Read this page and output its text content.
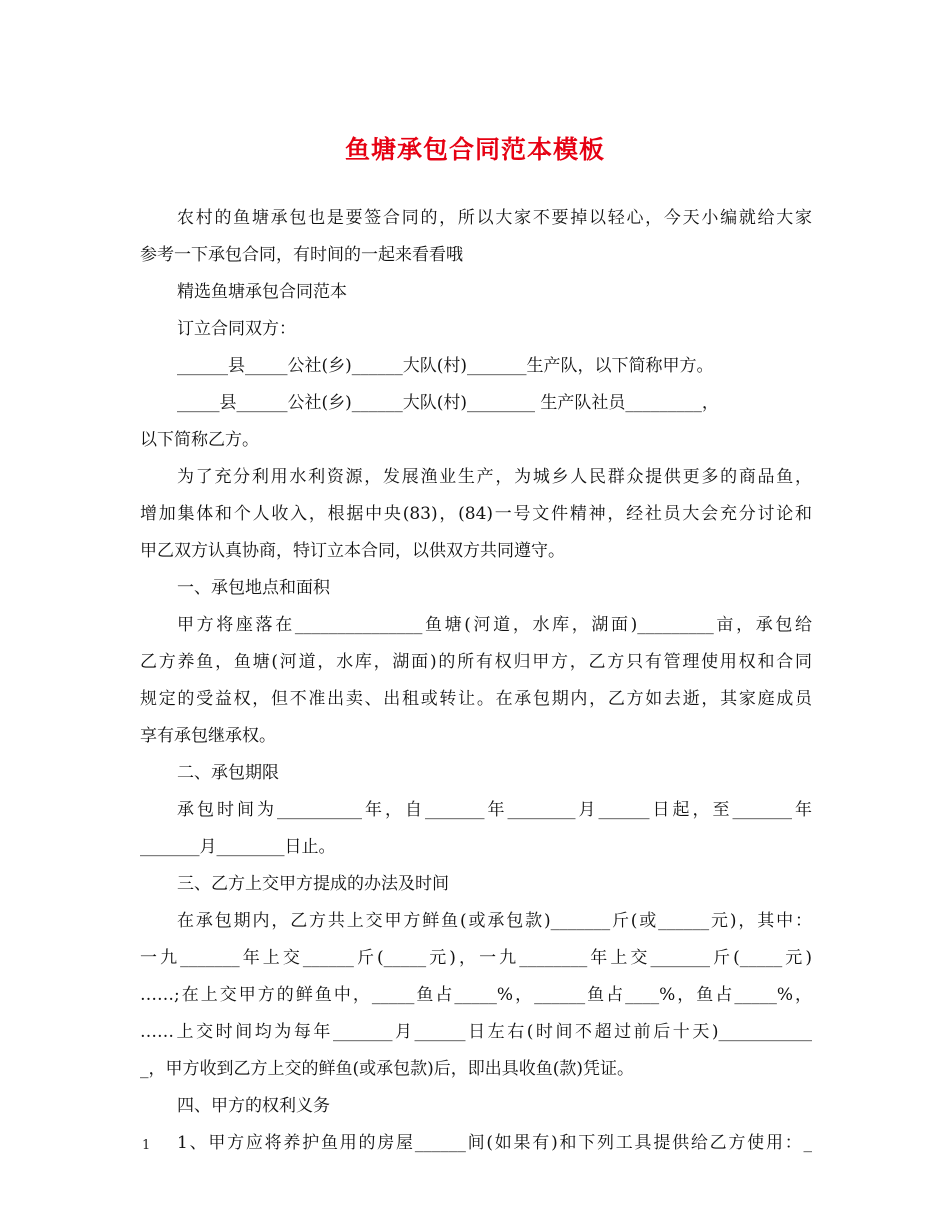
鱼塘承包合同范本模板

农村的鱼塘承包也是要签合同的，所以大家不要掉以轻心，今天小编就给大家

参考一下承包合同，有时间的一起来看看哦

精选鱼塘承包合同范本

订立合同双方：

______县_____公社(乡)______大队(村)_______生产队，以下简称甲方。

_____县______公社(乡)______大队(村)________ 生产队社员_________，

以下简称乙方。

为了充分利用水利资源，发展渔业生产，为城乡人民群众提供更多的商品鱼，

增加集体和个人收入，根据中央(83)，(84)一号文件精神，经社员大会充分讨论和

甲乙双方认真协商，特订立本合同，以供双方共同遵守。

一、承包地点和面积

甲方将座落在_______________鱼塘(河道，水库，湖面)_________亩，承包给

乙方养鱼，鱼塘(河道，水库，湖面)的所有权归甲方，乙方只有管理使用权和合同

规定的受益权，但不准出卖、出租或转让。在承包期内，乙方如去逝，其家庭成员

享有承包继承权。

二、承包期限

承包时间为__________年，自_______年________月______日起，至_______年

_______月________日止。

三、乙方上交甲方提成的办法及时间

在承包期内，乙方共上交甲方鲜鱼(或承包款)_______斤(或______元)，其中：

一九_______年上交______斤(_____元)，一九________年上交_______斤(_____元)

……;在上交甲方的鲜鱼中，_____鱼占_____%，______鱼占____%，鱼占_____%，

……上交时间均为每年_______月______日左右(时间不超过前后十天)___________

_，甲方收到乙方上交的鲜鱼(或承包款)后，即出具收鱼(款)凭证。

四、甲方的权利义务

1、甲方应将养护鱼用的房屋______间(如果有)和下列工具提供给乙方使用：_

1
